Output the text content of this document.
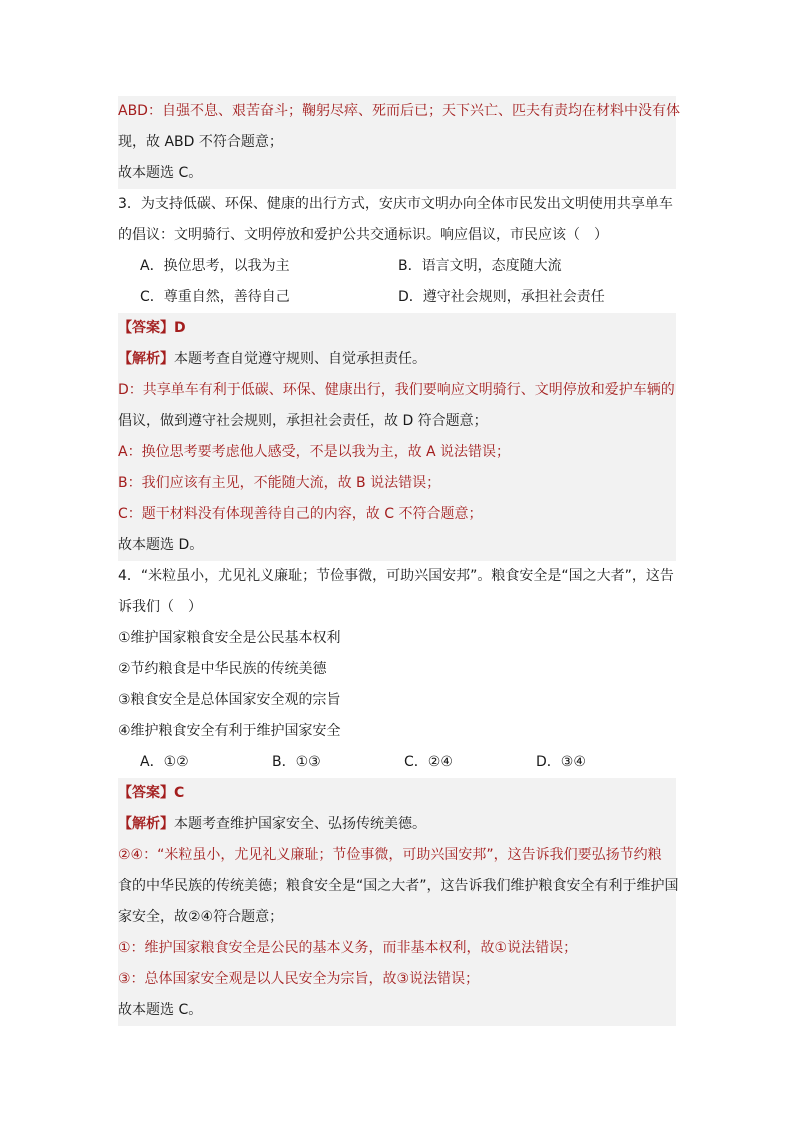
ABD：自强不息、艰苦奋斗；鞠躬尽瘁、死而后已；天下兴亡、匹夫有责均在材料中没有体
现，故 ABD 不符合题意；
故本题选 C。
3．为支持低碳、环保、健康的出行方式，安庆市文明办向全体市民发出文明使用共享单车
的倡议：文明骑行、文明停放和爱护公共交通标识。响应倡议，市民应该（　）
A．换位思考，以我为主	B．语言文明，态度随大流
C．尊重自然，善待自己	D．遵守社会规则，承担社会责任
【答案】D
【解析】本题考查自觉遵守规则、自觉承担责任。
D：共享单车有利于低碳、环保、健康出行，我们要响应文明骑行、文明停放和爱护车辆的
倡议，做到遵守社会规则，承担社会责任，故 D 符合题意；
A：换位思考要考虑他人感受，不是以我为主，故 A 说法错误；
B：我们应该有主见，不能随大流，故 B 说法错误；
C：题干材料没有体现善待自己的内容，故 C 不符合题意；
故本题选 D。
4．“米粒虽小，尤见礼义廉耻；节俭事微，可助兴国安邦”。粮食安全是“国之大者”，这告
诉我们（　）
①维护国家粮食安全是公民基本权利
②节约粮食是中华民族的传统美德
③粮食安全是总体国家安全观的宗旨
④维护粮食安全有利于维护国家安全
A．①②	B．①③	C．②④	D．③④
【答案】C
【解析】本题考查维护国家安全、弘扬传统美德。
②④：“米粒虽小，尤见礼义廉耻；节俭事微，可助兴国安邦”，这告诉我们要弘扬节约粮
食的中华民族的传统美德；粮食安全是“国之大者”，这告诉我们维护粮食安全有利于维护国
家安全，故②④符合题意；
①：维护国家粮食安全是公民的基本义务，而非基本权利，故①说法错误；
③：总体国家安全观是以人民安全为宗旨，故③说法错误；
故本题选 C。
